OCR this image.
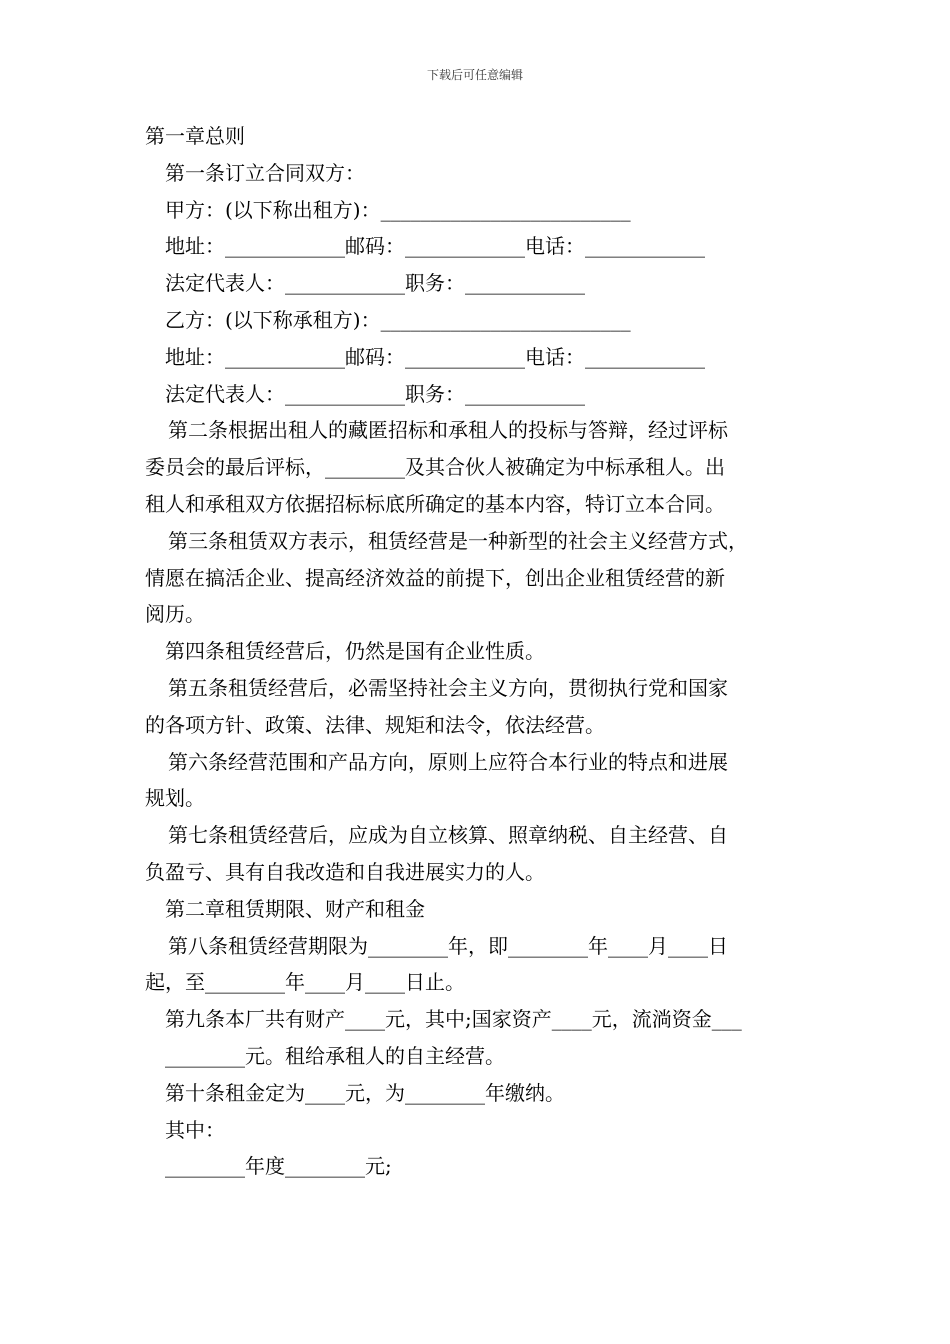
下载后可任意编辑
第一章总则
第一条订立合同双方：
甲方：(以下称出租方)：_________________________
地址：____________邮码：____________电话：____________
法定代表人：____________职务：____________
乙方：(以下称承租方)：_________________________
地址：____________邮码：____________电话：____________
法定代表人：____________职务：____________
第二条根据出租人的藏匿招标和承租人的投标与答辩，经过评标
委员会的最后评标，________及其合伙人被确定为中标承租人。出
租人和承租双方依据招标标底所确定的基本内容，特订立本合同。
第三条租赁双方表示，租赁经营是一种新型的社会主义经营方式，
情愿在搞活企业、提高经济效益的前提下，创出企业租赁经营的新
阅历。
第四条租赁经营后，仍然是国有企业性质。
第五条租赁经营后，必需坚持社会主义方向，贯彻执行党和国家
的各项方针、政策、法律、规矩和法令，依法经营。
第六条经营范围和产品方向，原则上应符合本行业的特点和进展
规划。
第七条租赁经营后，应成为自立核算、照章纳税、自主经营、自
负盈亏、具有自我改造和自我进展实力的人。
第二章租赁期限、财产和租金
第八条租赁经营期限为________年，即________年____月____日
起，至________年____月____日止。
第九条本厂共有财产____元，其中;国家资产____元，流淌资金___
________元。租给承租人的自主经营。
第十条租金定为____元，为________年缴纳。
其中：
________年度________元;
